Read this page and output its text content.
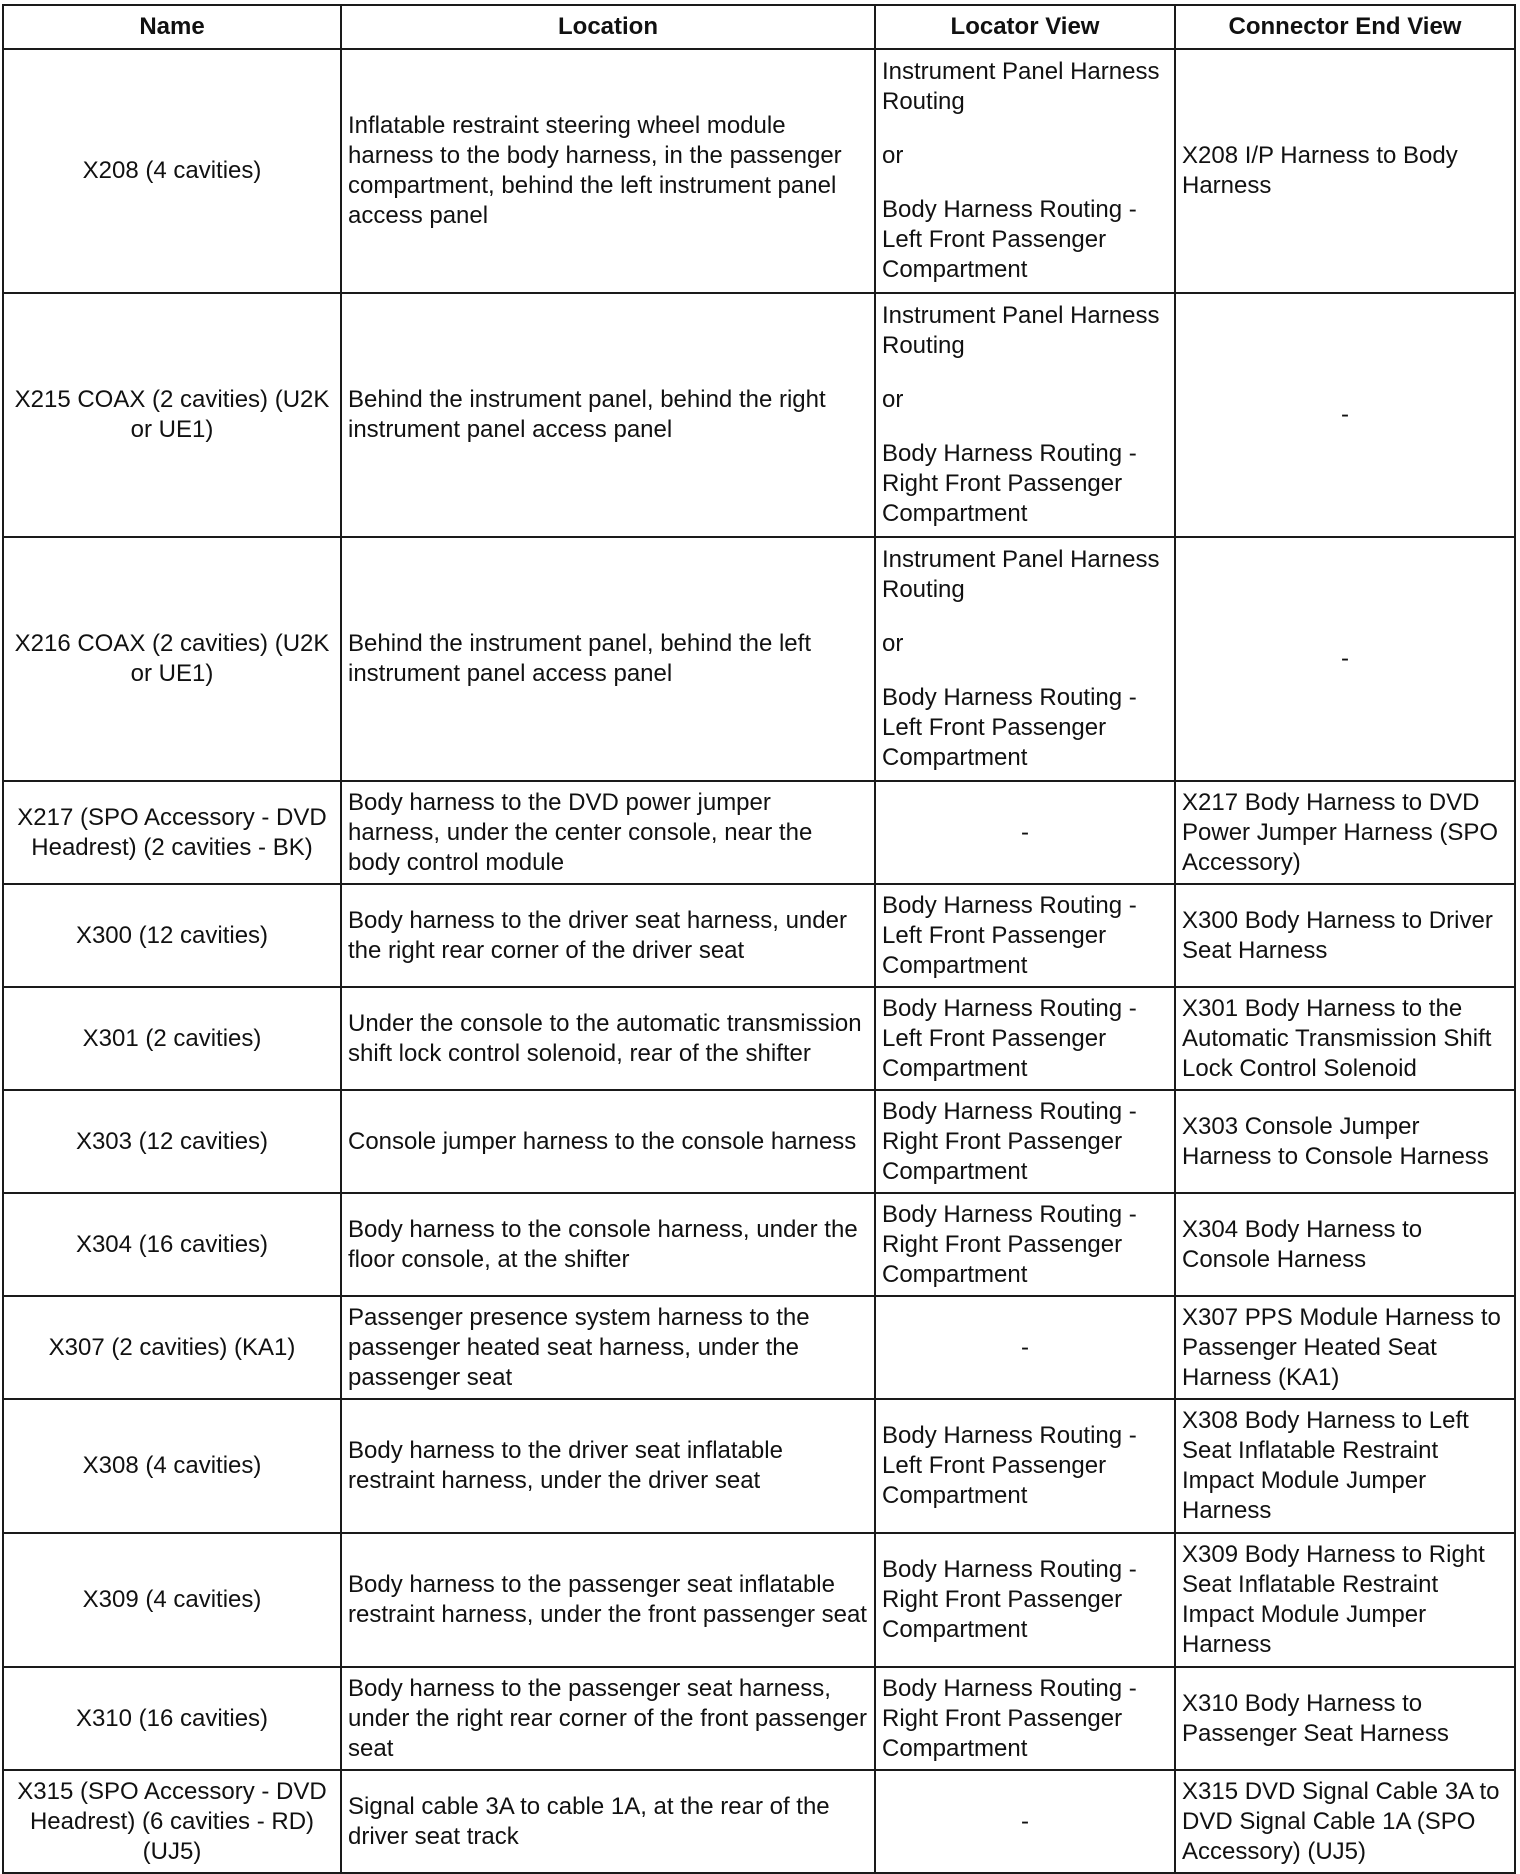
Name	Location	Locator View	Connector End View
X208 (4 cavities)	Inflatable restraint steering wheel module harness to the body harness, in the passenger compartment, behind the left instrument panel access panel	Instrument Panel Harness Routing
or
Body Harness Routing - Left Front Passenger Compartment	X208 I/P Harness to Body Harness
X215 COAX (2 cavities) (U2K or UE1)	Behind the instrument panel, behind the right instrument panel access panel	Instrument Panel Harness Routing
or
Body Harness Routing - Right Front Passenger Compartment	-
X216 COAX (2 cavities) (U2K or UE1)	Behind the instrument panel, behind the left instrument panel access panel	Instrument Panel Harness Routing
or
Body Harness Routing - Left Front Passenger Compartment	-
X217 (SPO Accessory - DVD Headrest) (2 cavities - BK)	Body harness to the DVD power jumper harness, under the center console, near the body control module	-	X217 Body Harness to DVD Power Jumper Harness (SPO Accessory)
X300 (12 cavities)	Body harness to the driver seat harness, under the right rear corner of the driver seat	Body Harness Routing - Left Front Passenger Compartment	X300 Body Harness to Driver Seat Harness
X301 (2 cavities)	Under the console to the automatic transmission shift lock control solenoid, rear of the shifter	Body Harness Routing - Left Front Passenger Compartment	X301 Body Harness to the Automatic Transmission Shift Lock Control Solenoid
X303 (12 cavities)	Console jumper harness to the console harness	Body Harness Routing - Right Front Passenger Compartment	X303 Console Jumper Harness to Console Harness
X304 (16 cavities)	Body harness to the console harness, under the floor console, at the shifter	Body Harness Routing - Right Front Passenger Compartment	X304 Body Harness to Console Harness
X307 (2 cavities) (KA1)	Passenger presence system harness to the passenger heated seat harness, under the passenger seat	-	X307 PPS Module Harness to Passenger Heated Seat Harness (KA1)
X308 (4 cavities)	Body harness to the driver seat inflatable restraint harness, under the driver seat	Body Harness Routing - Left Front Passenger Compartment	X308 Body Harness to Left Seat Inflatable Restraint Impact Module Jumper Harness
X309 (4 cavities)	Body harness to the passenger seat inflatable restraint harness, under the front passenger seat	Body Harness Routing - Right Front Passenger Compartment	X309 Body Harness to Right Seat Inflatable Restraint Impact Module Jumper Harness
X310 (16 cavities)	Body harness to the passenger seat harness, under the right rear corner of the front passenger seat	Body Harness Routing - Right Front Passenger Compartment	X310 Body Harness to Passenger Seat Harness
X315 (SPO Accessory - DVD Headrest) (6 cavities - RD) (UJ5)	Signal cable 3A to cable 1A, at the rear of the driver seat track	-	X315 DVD Signal Cable 3A to DVD Signal Cable 1A (SPO Accessory) (UJ5)
